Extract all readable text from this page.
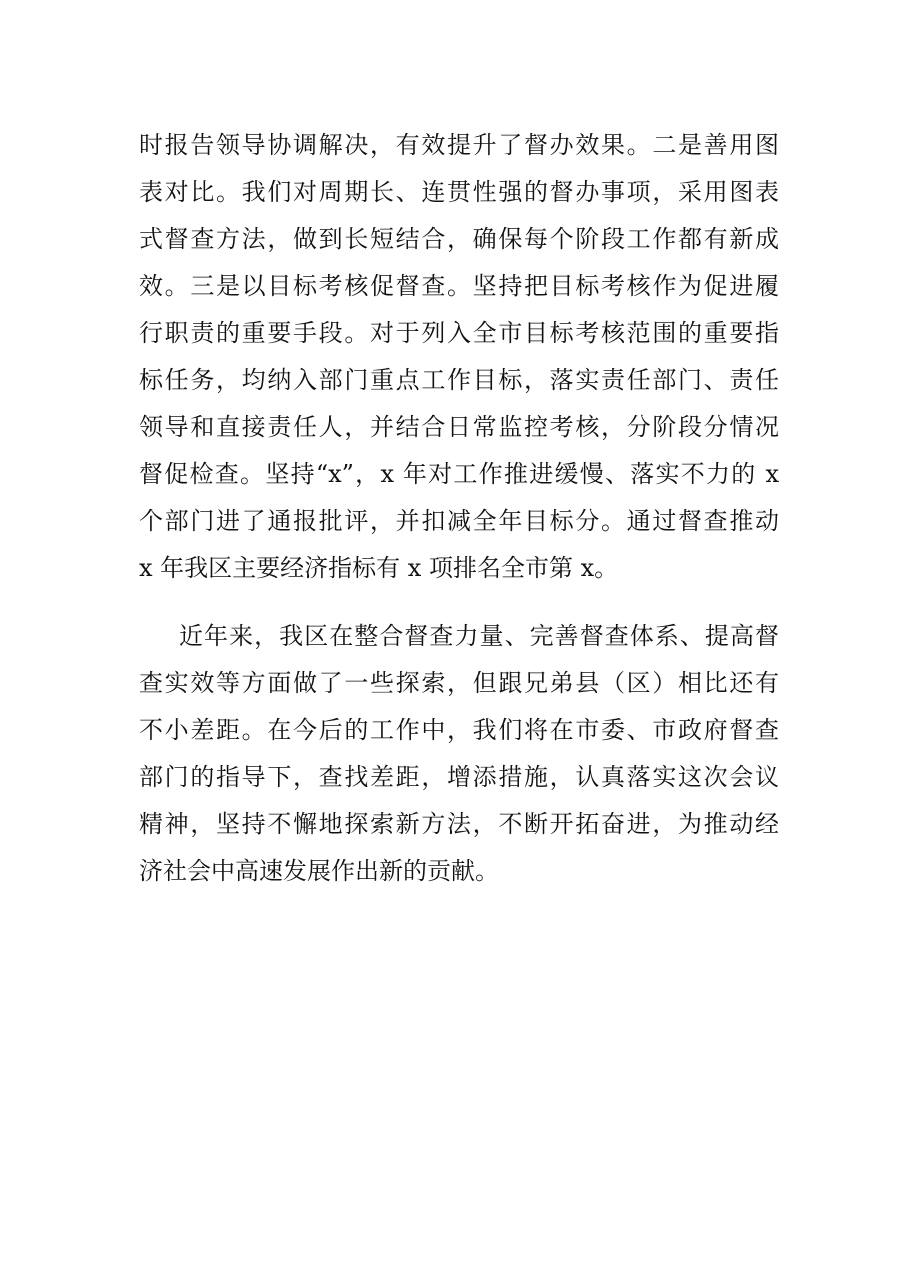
时报告领导协调解决，有效提升了督办效果。二是善用图
表对比。我们对周期长、连贯性强的督办事项，采用图表
式督查方法，做到长短结合，确保每个阶段工作都有新成
效。三是以目标考核促督查。坚持把目标考核作为促进履
行职责的重要手段。对于列入全市目标考核范围的重要指
标任务，均纳入部门重点工作目标，落实责任部门、责任
领导和直接责任人，并结合日常监控考核，分阶段分情况
督促检查。坚持“x”，x 年对工作推进缓慢、落实不力的 x
个部门进了通报批评，并扣减全年目标分。通过督查推动
x 年我区主要经济指标有 x 项排名全市第 x。
近年来，我区在整合督查力量、完善督查体系、提高督
查实效等方面做了一些探索，但跟兄弟县（区）相比还有
不小差距。在今后的工作中，我们将在市委、市政府督查
部门的指导下，查找差距，增添措施，认真落实这次会议
精神，坚持不懈地探索新方法，不断开拓奋进，为推动经
济社会中高速发展作出新的贡献。
